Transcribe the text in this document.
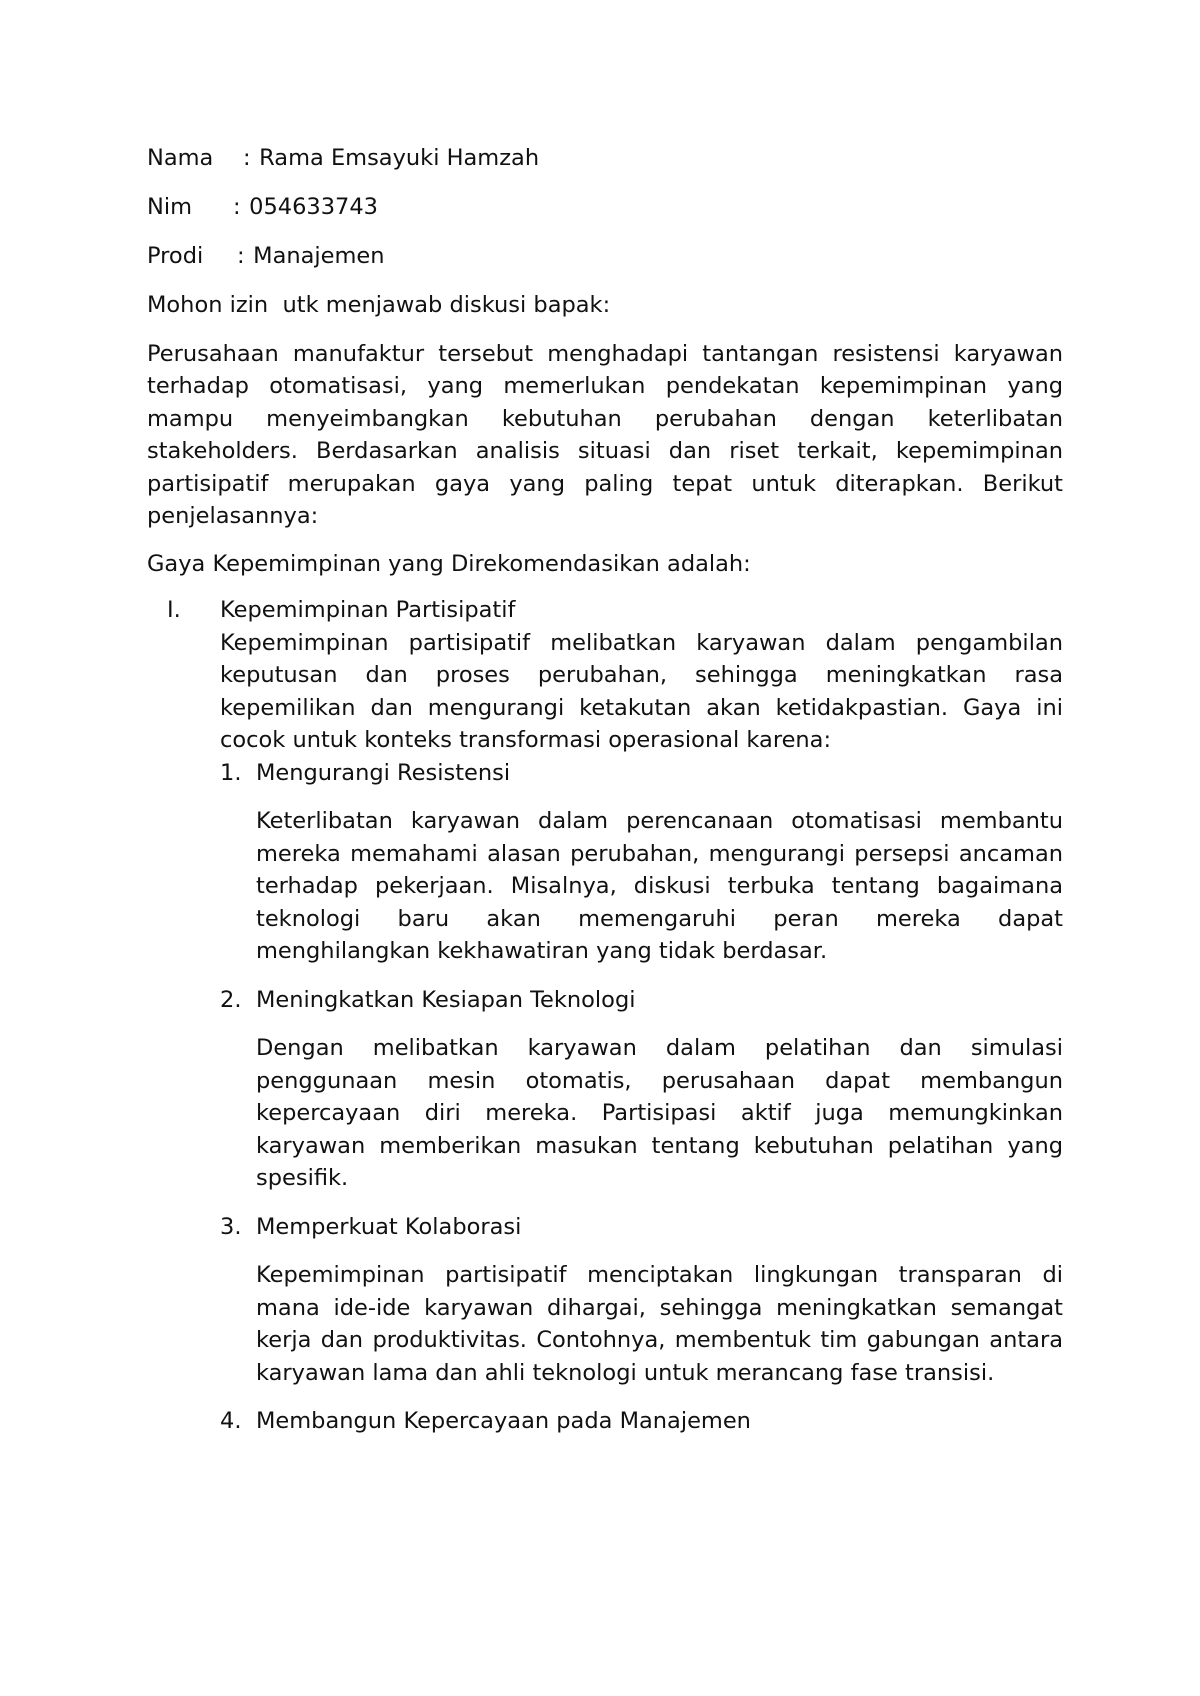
Nama	: Rama Emsayuki Hamzah
Nim	: 054633743
Prodi	: Manajemen

Mohon izin  utk menjawab diskusi bapak:

Perusahaan manufaktur tersebut menghadapi tantangan resistensi karyawan terhadap otomatisasi, yang memerlukan pendekatan kepemimpinan yang mampu menyeimbangkan kebutuhan perubahan dengan keterlibatan stakeholders. Berdasarkan analisis situasi dan riset terkait, kepemimpinan partisipatif merupakan gaya yang paling tepat untuk diterapkan. Berikut penjelasannya:

Gaya Kepemimpinan yang Direkomendasikan adalah:

I. Kepemimpinan Partisipatif

Kepemimpinan partisipatif melibatkan karyawan dalam pengambilan keputusan dan proses perubahan, sehingga meningkatkan rasa kepemilikan dan mengurangi ketakutan akan ketidakpastian. Gaya ini cocok untuk konteks transformasi operasional karena:

1. Mengurangi Resistensi

Keterlibatan karyawan dalam perencanaan otomatisasi membantu mereka memahami alasan perubahan, mengurangi persepsi ancaman terhadap pekerjaan. Misalnya, diskusi terbuka tentang bagaimana teknologi baru akan memengaruhi peran mereka dapat menghilangkan kekhawatiran yang tidak berdasar.

2. Meningkatkan Kesiapan Teknologi

Dengan melibatkan karyawan dalam pelatihan dan simulasi penggunaan mesin otomatis, perusahaan dapat membangun kepercayaan diri mereka. Partisipasi aktif juga memungkinkan karyawan memberikan masukan tentang kebutuhan pelatihan yang spesifik.

3. Memperkuat Kolaborasi

Kepemimpinan partisipatif menciptakan lingkungan transparan di mana ide-ide karyawan dihargai, sehingga meningkatkan semangat kerja dan produktivitas. Contohnya, membentuk tim gabungan antara karyawan lama dan ahli teknologi untuk merancang fase transisi.

4. Membangun Kepercayaan pada Manajemen
